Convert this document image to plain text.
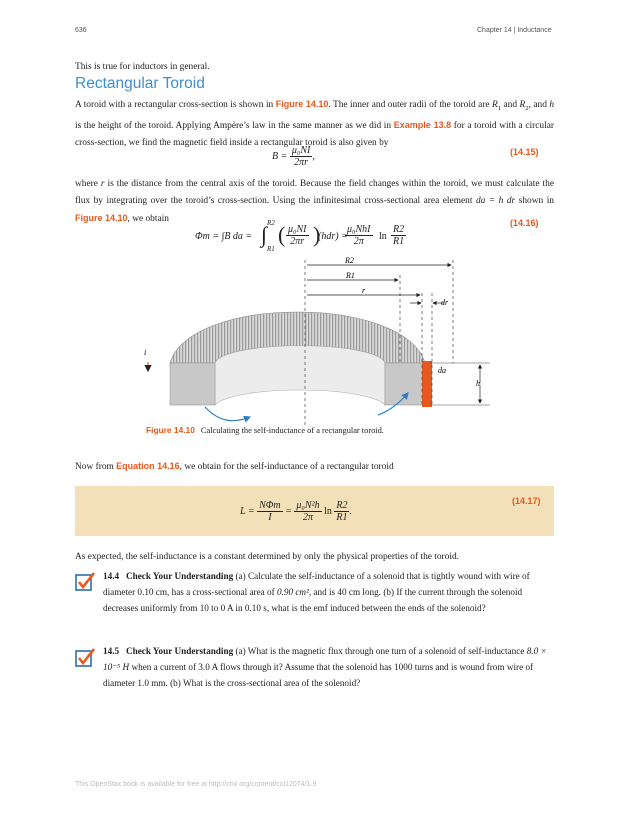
636	Chapter 14 | Inductance
This is true for inductors in general.
Rectangular Toroid
A toroid with a rectangular cross-section is shown in Figure 14.10. The inner and outer radii of the toroid are $R_1$ and $R_2$, and h is the height of the toroid. Applying Ampère’s law in the same manner as we did in Example 13.8 for a toroid with a circular cross-section, we find the magnetic field inside a rectangular toroid is also given by
$B = \frac{\text{μ₀NI}}{2\pi r}$ ,	(14.15)
where r is the distance from the central axis of the toroid. Because the field changes within the toroid, we must calculate the flux by integrating over the toroid’s cross-section. Using the infinitesimal cross-sectional area element da = h dr shown in Figure 14.10, we obtain	(14.16)
Φm = ∫B da = ∫ R2
R1
( $\frac{\text{μ₀NI}}{2\pi r}$ )
(hdr) =
μ₀NhI
2π	$\ln \frac{R2}{R1}$
R2
R1
r
dr
i
da
h
Figure 14.10 Calculating the self-inductance of a rectangular toroid.
Now from Equation 14.16, we obtain for the self-inductance of a rectangular toroid
(14.17)
$L = \frac{\text{NΦm}}{I} = \frac{\text{μ₀N²h}}{2\pi}$ $\ln \frac{R2}{R1}$ .
As expected, the self-inductance is a constant determined by only the physical properties of the toroid.
14.4 Check Your Understanding (a) Calculate the self-inductance of a solenoid that is tightly wound with wire of diameter 0.10 cm, has a cross-sectional area of 0.90 cm², and is 40 cm long. (b) If the current through the solenoid decreases uniformly from 10 to 0 A in 0.10 s, what is the emf induced between the ends of the solenoid?
14.5 Check Your Understanding (a) What is the magnetic flux through one turn of a solenoid of self-inductance 8.0 × 10⁻⁵ H when a current of 3.0 A flows through it? Assume that the solenoid has 1000 turns and is wound from wire of diameter 1.0 mm. (b) What is the cross-sectional area of the solenoid?
This OpenStax book is available for free at http://cnx.org/content/col12074/1.9
